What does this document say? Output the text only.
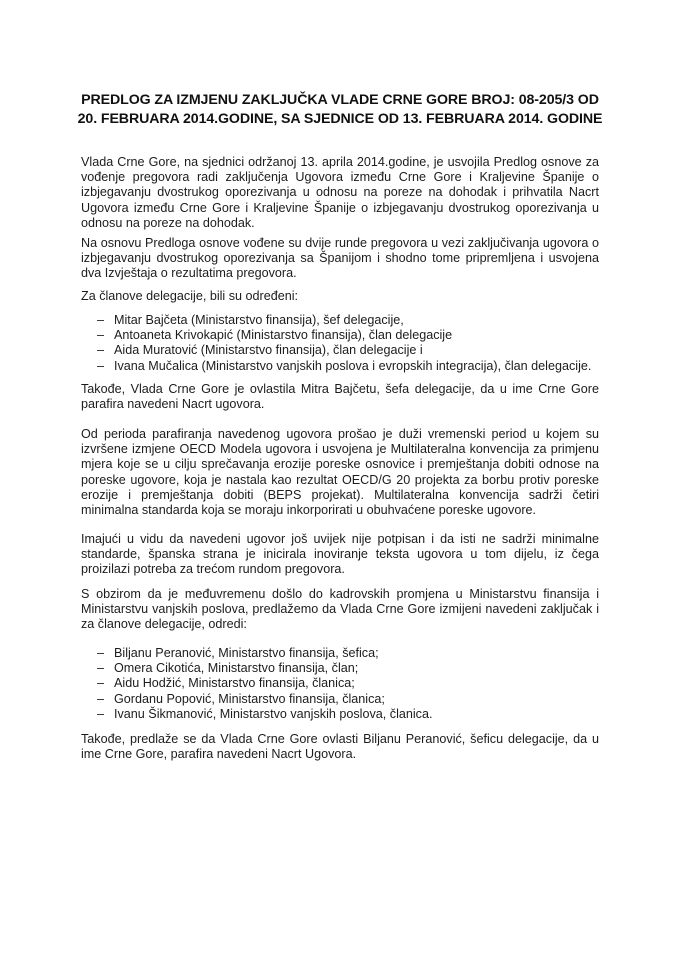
PREDLOG ZA IZMJENU ZAKLJUČKA VLADE CRNE GORE BROJ: 08-205/3 OD
20. FEBRUARA 2014.GODINE, SA SJEDNICE OD 13. FEBRUARA 2014. GODINE
Vlada Crne Gore, na sjednici održanoj 13. aprila 2014.godine, je usvojila Predlog osnove za vođenje pregovora radi zaključenja Ugovora između Crne Gore i Kraljevine Španije o izbjegavanju dvostrukog oporezivanja u odnosu na poreze na dohodak i prihvatila Nacrt Ugovora između Crne Gore i Kraljevine Španije o izbjegavanju dvostrukog oporezivanja u odnosu na poreze na dohodak.
Na osnovu Predloga osnove vođene su dvije runde pregovora u vezi zaključivanja ugovora o izbjegavanju dvostrukog oporezivanja sa Španijom i shodno tome pripremljena i usvojena dva Izvještaja o rezultatima pregovora.
Za članove delegacije, bili su određeni:
– Mitar Bajčeta (Ministarstvo finansija), šef delegacije,
– Antoaneta Krivokapić (Ministarstvo finansija), član delegacije
– Aida Muratović (Ministarstvo finansija), član delegacije i
– Ivana Mučalica (Ministarstvo vanjskih poslova i evropskih integracija), član delegacije.
Takođe, Vlada Crne Gore je ovlastila Mitra Bajčetu, šefa delegacije, da u ime Crne Gore parafira navedeni Nacrt ugovora.
Od perioda parafiranja navedenog ugovora prošao je duži vremenski period u kojem su izvršene izmjene OECD Modela ugovora i usvojena je Multilateralna konvencija za primjenu mjera koje se u cilju sprečavanja erozije poreske osnovice i premještanja dobiti odnose na poreske ugovore, koja je nastala kao rezultat OECD/G 20 projekta za borbu protiv poreske erozije i premještanja dobiti (BEPS projekat). Multilateralna konvencija sadrži četiri minimalna standarda koja se moraju inkorporirati u obuhvaćene poreske ugovore.
Imajući u vidu da navedeni ugovor još uvijek nije potpisan i da isti ne sadrži minimalne standarde, španska strana je inicirala inoviranje teksta ugovora u tom dijelu, iz čega proizilazi potreba za trećom rundom pregovora.
S obzirom da je međuvremenu došlo do kadrovskih promjena u Ministarstvu finansija i Ministarstvu vanjskih poslova, predlažemo da Vlada Crne Gore izmijeni navedeni zaključak i za članove delegacije, odredi:
– Biljanu Peranović, Ministarstvo finansija, šefica;
– Omera Cikotića, Ministarstvo finansija, član;
– Aidu Hodžić, Ministarstvo finansija, članica;
– Gordanu Popović, Ministarstvo finansija, članica;
– Ivanu Šikmanović, Ministarstvo vanjskih poslova, članica.
Takođe, predlaže se da Vlada Crne Gore ovlasti Biljanu Peranović, šeficu delegacije, da u ime Crne Gore, parafira navedeni Nacrt Ugovora.
